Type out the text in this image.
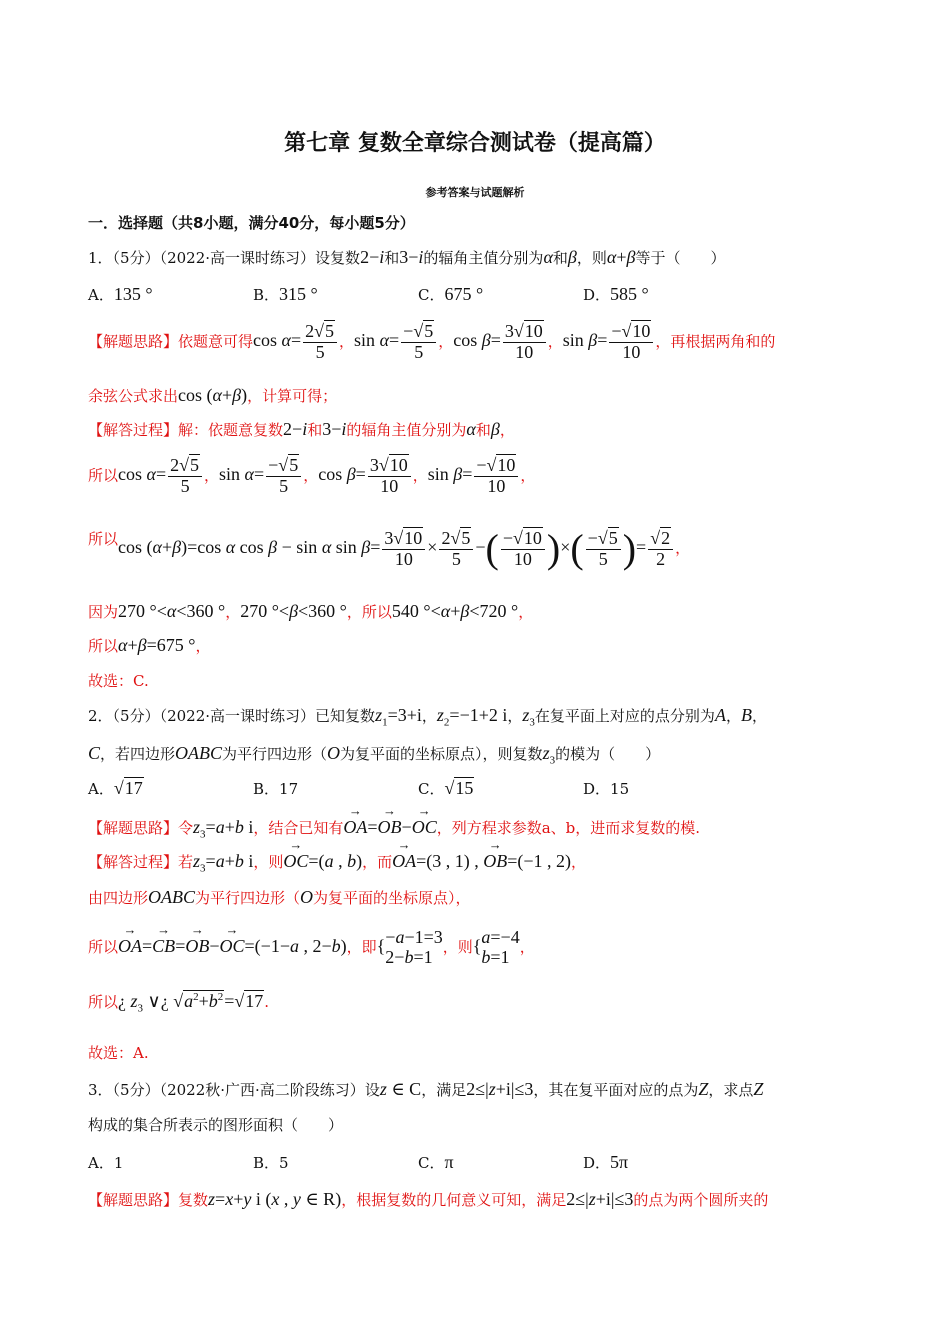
第七章 复数全章综合测试卷（提高篇）
参考答案与试题解析
一．选择题（共8小题，满分40分，每小题5分）
1．（5分）（2022·高一课时练习）设复数2−i和3−i的辐角主值分别为α和β，则α+β等于（　　）
A．135 °	B．315 °	C．675 °	D．585 °
【解题思路】依题意可得$\cos \alpha= \frac{2√5}{5}$ ，$\sin \alpha= \frac{-√5}{5}$ ，$\cos \beta= \frac{3√10}{10}$ ，$\sin \beta= \frac{-√10}{10}$ ，再根据两角和的
余弦公式求出cos (α+β)，计算可得；
【解答过程】解：依题意复数2−i和3−i的辐角主值分别为α和β，
所以$\cos \alpha= \frac{2√5}{5}$ ，$\sin \alpha= \frac{-√5}{5}$ ，$\cos \beta= \frac{3√10}{10}$ ，$\sin \beta= \frac{-√10}{10}$ ，
所以 cos (α+β)=cos α cos β − sin α $\sin \beta= \frac{3√10}{10} \times \frac{2√5}{5}$ −( $\frac{-√10}{10}$ )×( $\frac{-√5}{5}$ )= $\frac{√2}{2}$ ，
因为270 °<α<360 °，270 °<β<360 °，所以540 °<α+β<720 °，
所以α+β=675 °，
故选：C.
2．（5分）（2022·高一课时练习）已知复数$z_1=3+i$，$z_2=-1+2$ i，$z_3$在复平面上对应的点分别为A，B，
C，若四边形OABC为平行四边形（O为复平面的坐标原点），则复数$z_3$的模为（　　）
A．√17	B．17	C．√15	D．15
【解题思路】令$z_3=a+b$ i，结合已知有→ OA=→ OB−→ OC，列方程求参数a、b，进而求复数的模.
【解答过程】若$z_3=a+b$ i，则→ OC=(a , b)，而→ OA=(3 , 1) , → OB=(−1 , 2)，
由四边形OABC为平行四边形（O为复平面的坐标原点），
所以→ OA=→ CB=→ OB−→ OC=(−1−a , 2−b)，即{ −a−1=3
2−b=1 ，则{ a=−4
b=1 ，
所以¿ $z_3$ ∨¿ $√a^2+b^2=√17$.
故选：A.
3．（5分）（2022秋·广西·高二阶段练习）设z ∈ C，满足2≤|z+i|≤3，其在复平面对应的点为Z，求点Z
构成的集合所表示的图形面积（　　）
A．1	B．5	C．π	D．5π
【解题思路】复数z=x+y i (x , y ∈ R)，根据复数的几何意义可知，满足2≤|z+i|≤3的点为两个圆所夹的
